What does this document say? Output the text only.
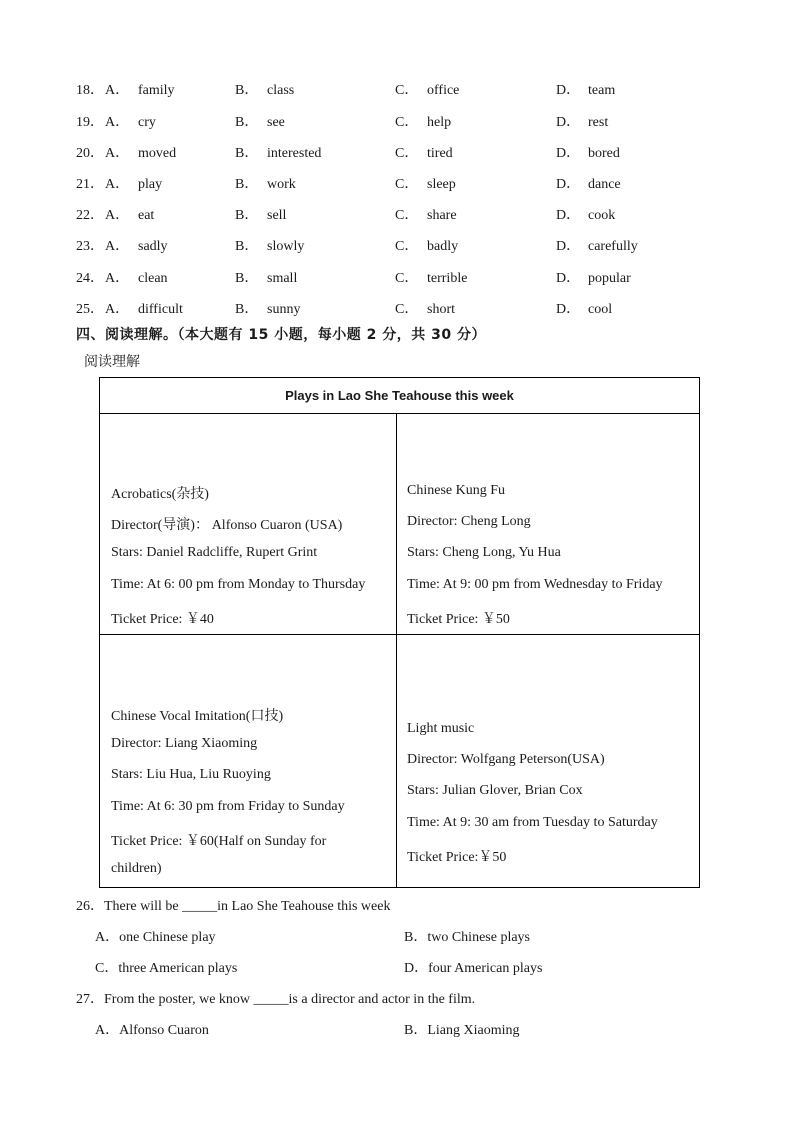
18． A． family	B． class	C． office	D． team
19． A． cry	B． see	C． help	D． rest
20． A． moved	B． interested	C． tired	D． bored
21． A． play	B． work	C． sleep	D． dance
22． A． eat	B． sell	C． share	D． cook
23． A． sadly	B． slowly	C． badly	D． carefully
24． A． clean	B． small	C． terrible	D． popular
25． A． difficult	B． sunny	C． short	D． cool
四、阅读理解。（本大题有 15 小题，每小题 2 分，共 30 分）
阅读理解
Plays in Lao She Teahouse this week
Acrobatics(杂技)
Director(导演)： Alfonso Cuaron (USA)
Stars: Daniel Radcliffe, Rupert Grint
Time: At 6: 00 pm from Monday to Thursday
Ticket Price: ￥40
Chinese Kung Fu
Director: Cheng Long
Stars: Cheng Long, Yu Hua
Time: At 9: 00 pm from Wednesday to Friday
Ticket Price: ￥50
Chinese Vocal Imitation(口技)
Director: Liang Xiaoming
Stars: Liu Hua, Liu Ruoying
Time: At 6: 30 pm from Friday to Sunday
Ticket Price: ￥60(Half on Sunday for
children)
Light music
Director: Wolfgang Peterson(USA)
Stars: Julian Glover, Brian Cox
Time: At 9: 30 am from Tuesday to Saturday
Ticket Price:￥50
26．There will be _____in Lao She Teahouse this week
A．one Chinese play	B．two Chinese plays
C．three American plays	D．four American plays
27．From the poster, we know _____is a director and actor in the film.
A．Alfonso Cuaron	B．Liang Xiaoming
